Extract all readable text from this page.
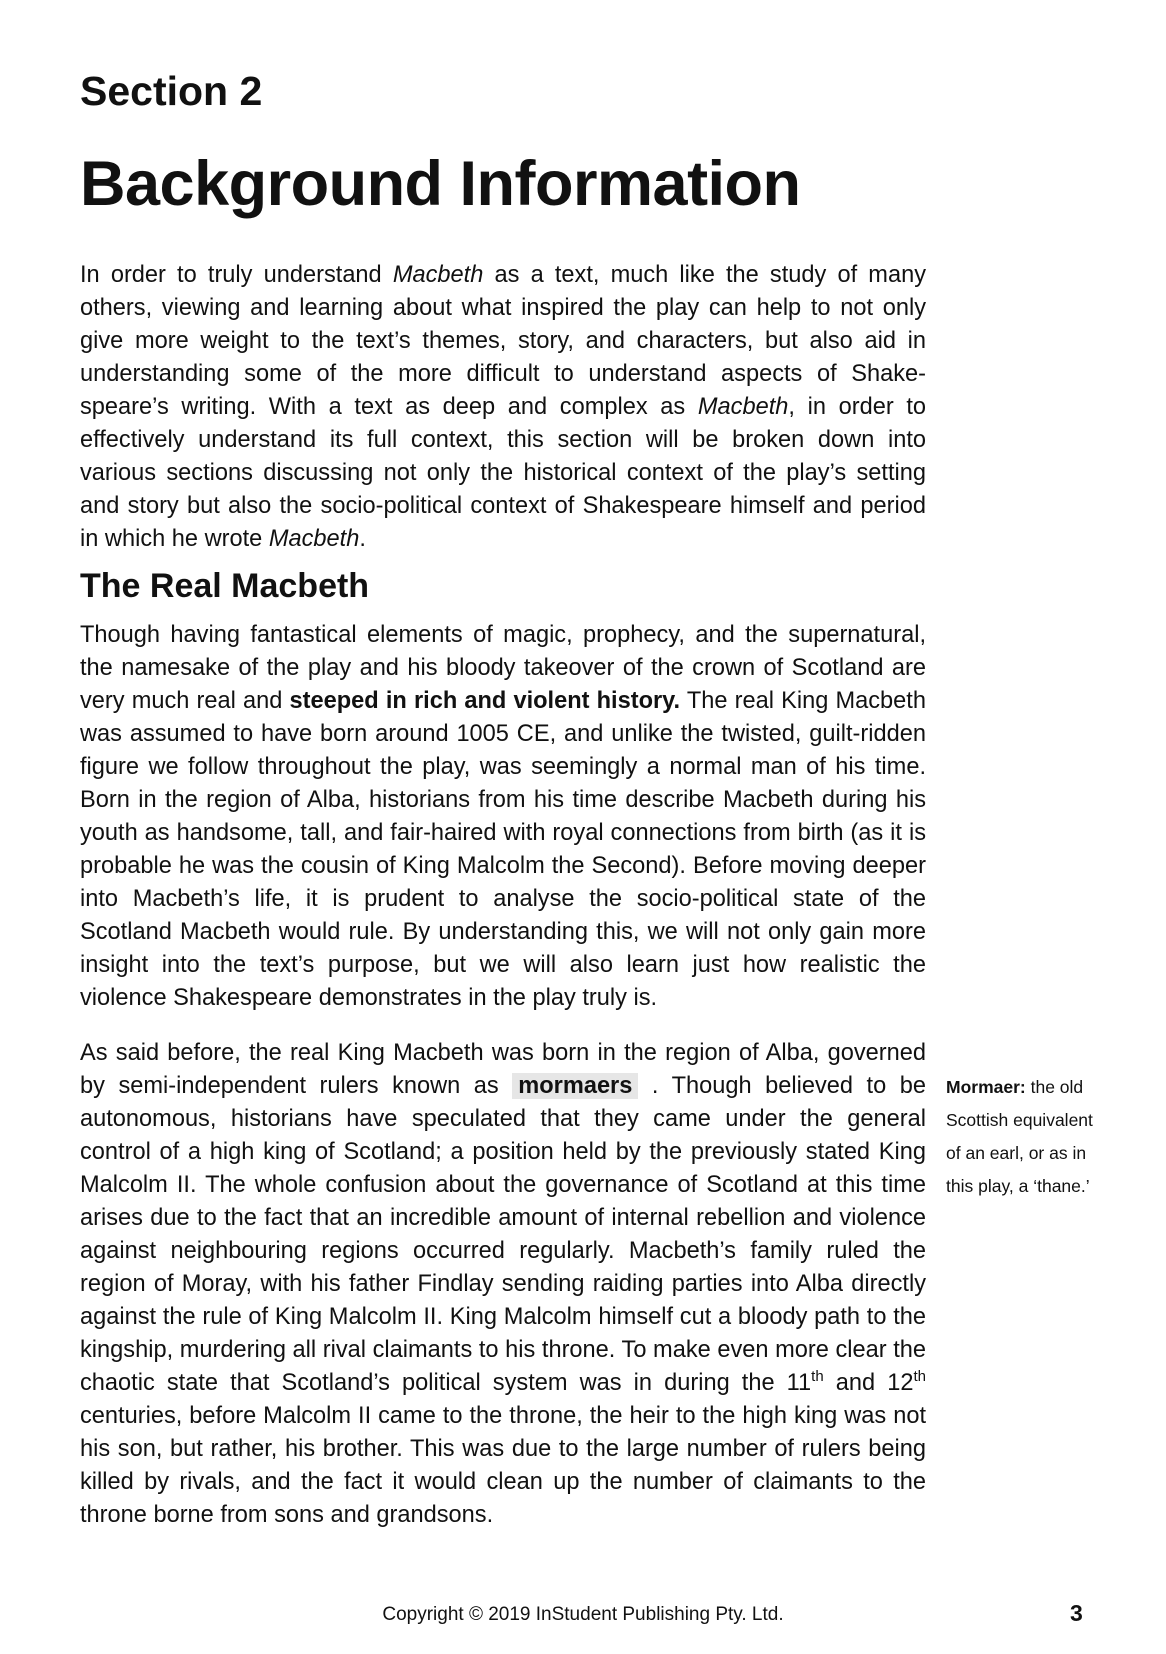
Section 2
Background Information

In order to truly understand Macbeth as a text, much like the study of many others, viewing and learning about what inspired the play can help to not only give more weight to the text’s themes, story, and characters, but also aid in understanding some of the more difficult to understand aspects of Shakespeare’s writing. With a text as deep and complex as Macbeth, in order to effectively understand its full context, this section will be broken down into various sections discussing not only the historical context of the play’s setting and story but also the socio-political context of Shakespeare himself and period in which he wrote Macbeth.

The Real Macbeth

Though having fantastical elements of magic, prophecy, and the supernatural, the namesake of the play and his bloody takeover of the crown of Scotland are very much real and steeped in rich and violent history. The real King Macbeth was assumed to have born around 1005 CE, and unlike the twisted, guilt-ridden figure we follow throughout the play, was seemingly a normal man of his time. Born in the region of Alba, historians from his time describe Macbeth during his youth as handsome, tall, and fair-haired with royal connections from birth (as it is probable he was the cousin of King Malcolm the Second). Before moving deeper into Macbeth’s life, it is prudent to analyse the socio-political state of the Scotland Macbeth would rule. By understanding this, we will not only gain more insight into the text’s purpose, but we will also learn just how realistic the violence Shakespeare demonstrates in the play truly is.

As said before, the real King Macbeth was born in the region of Alba, governed by semi-independent rulers known as mormaers . Though believed to be autonomous, historians have speculated that they came under the general control of a high king of Scotland; a position held by the previously stated King Malcolm II. The whole confusion about the governance of Scotland at this time arises due to the fact that an incredible amount of internal rebellion and violence against neighbouring regions occurred regularly. Macbeth’s family ruled the region of Moray, with his father Findlay sending raiding parties into Alba directly against the rule of King Malcolm II. King Malcolm himself cut a bloody path to the kingship, murdering all rival claimants to his throne. To make even more clear the chaotic state that Scotland’s political system was in during the 11th and 12th centuries, before Malcolm II came to the throne, the heir to the high king was not his son, but rather, his brother. This was due to the large number of rulers being killed by rivals, and the fact it would clean up the number of claimants to the throne borne from sons and grandsons.

Mormaer: the old Scottish equivalent of an earl, or as in this play, a ‘thane.’

Copyright © 2019 InStudent Publishing Pty. Ltd.	3
